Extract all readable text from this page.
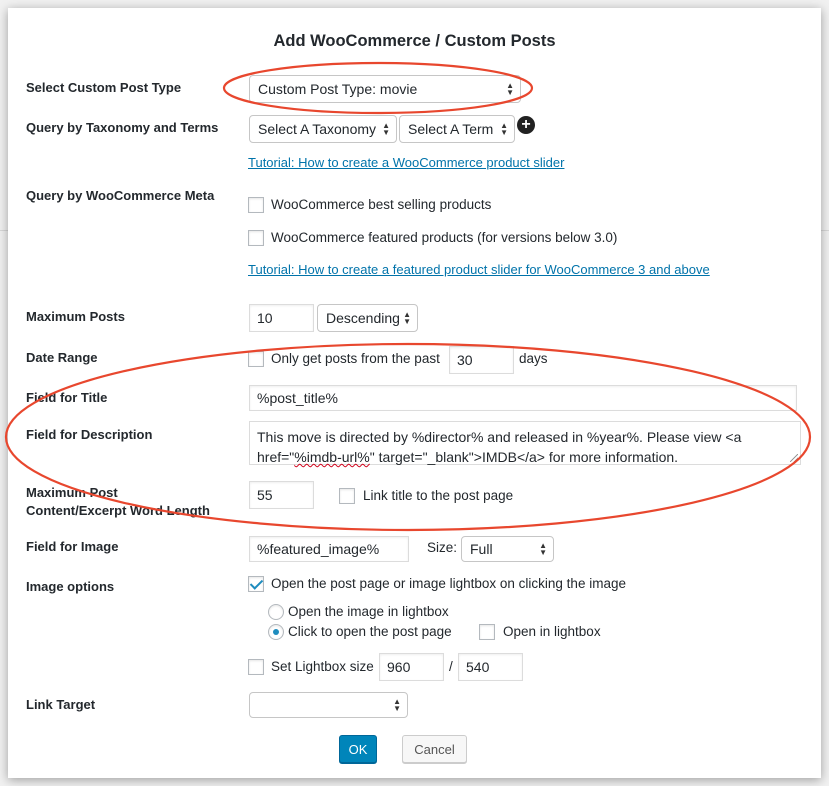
Add WooCommerce / Custom Posts
Select Custom Post Type	Custom Post Type: movie	▲
▼
Query by Taxonomy and Terms	Select A Taxonomy ▲
▼ Select A Term ▲
▼ +
Tutorial: How to create a WooCommerce product slider
Query by WooCommerce Meta
WooCommerce best selling products
WooCommerce featured products (for versions below 3.0)
Tutorial: How to create a featured product slider for WooCommerce 3 and above
Maximum Posts	10	Descending ▲
▼
Date Range	Only get posts from the past 30	days
Field for Title	%post_title%
Field for Description	This move is directed by %director% and released in %year%. Please view <a
href="%imdb-url%" target="_blank">IMDB</a> for more information.
Maximum Post
Content/Excerpt Word Length
55	Link title to the post page
Field for Image	%featured_image%	Size: Full	▲
▼
Image options	Open the post page or image lightbox on clicking the image
Open the image in lightbox
Click to open the post page	Open in lightbox
Set Lightbox size 960	/ 540
Link Target	▲
▼
OK	Cancel
